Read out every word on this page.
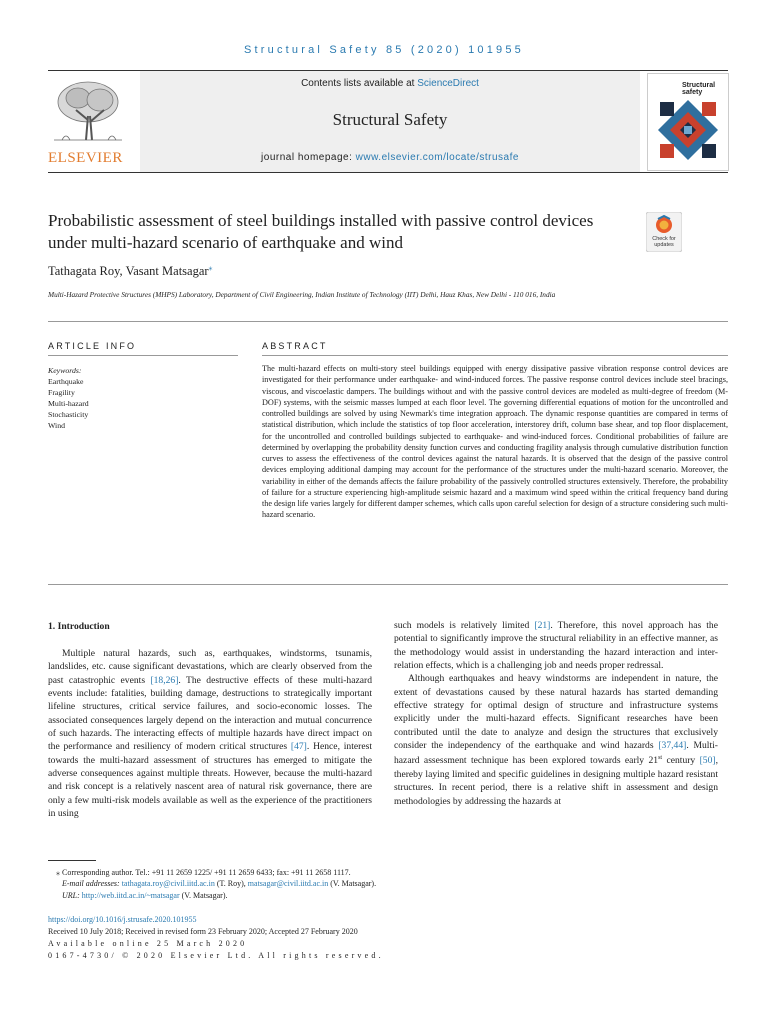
Structural Safety 85 (2020) 101955
Contents lists available at ScienceDirect
Structural Safety
journal homepage: www.elsevier.com/locate/strusafe
ELSEVIER
Structural safety
Probabilistic assessment of steel buildings installed with passive control devices under multi-hazard scenario of earthquake and wind	Check for updates
Tathagata Roy, Vasant Matsagar⁎
Multi-Hazard Protective Structures (MHPS) Laboratory, Department of Civil Engineering, Indian Institute of Technology (IIT) Delhi, Hauz Khas, New Delhi - 110 016, India
ARTICLE INFO	ABSTRACT
Keywords:
Earthquake
Fragility
Multi-hazard
Stochasticity
Wind
The multi-hazard effects on multi-story steel buildings equipped with energy dissipative passive vibration response control devices are investigated for their performance under earthquake- and wind-induced forces. The passive response control devices include steel bracings, viscous, and viscoelastic dampers. The buildings without and with the passive control devices are modeled as multi-degree of freedom (M-DOF) systems, with the seismic masses lumped at each floor level. The governing differential equations of motion for the uncontrolled and controlled buildings are solved by using Newmark's time integration approach. The dynamic response quantities are compared in terms of statistical distribution, which include the statistics of top floor acceleration, interstorey drift, column base shear, and top floor displacement, for the uncontrolled and controlled buildings subjected to earthquake- and wind-induced forces. Conditional probabilities of failure are determined by overlapping the probability density function curves and conducting fragility analysis through cumulative distribution function curves to assess the effectiveness of the control devices against the natural hazards. It is observed that the design of the passive control devices employing additional damping may account for the performance of the structures under the multi-hazard scenario. Moreover, the variability in either of the demands affects the failure probability of the passively controlled structures extensively. Therefore, the probability of failure for a structure experiencing high-amplitude seismic hazard and a maximum wind speed within the critical frequency band during the design life varies largely for different damper schemes, which calls upon careful selection for design of a structure considering such multi-hazard scenario.
1. Introduction

Multiple natural hazards, such as, earthquakes, windstorms, tsunamis, landslides, etc. cause significant devastations, which are clearly observed from the past catastrophic events [18,26]. The destructive effects of these multi-hazard events include: fatalities, building damage, destructions to strategically important lifeline structures, critical service failures, and socio-economic losses. The associated consequences largely depend on the interaction and mutual concurrence of such hazards. The interacting effects of multiple hazards have direct impact on the performance and resiliency of modern critical structures [47]. Hence, interest towards the multi-hazard assessment of structures has emerged to mitigate the adverse consequences against multiple threats. However, because the multi-hazard and risk concept is a relatively nascent area of natural risk governance, there are only a few multi-risk models available as well as the experience of the practitioners in using

such models is relatively limited [21]. Therefore, this novel approach has the potential to significantly improve the structural reliability in an effective manner, as the methodology would assist in understanding the hazard interaction and inter-relation effects, which is a challenging job and needs proper redressal.

Although earthquakes and heavy windstorms are independent in nature, the extent of devastations caused by these natural hazards has started demanding effective strategy for optimal design of structure and infrastructure systems explicitly under the multi-hazard effects. Significant researches have been contributed until the date to analyze and design the structures that exclusively consider the independency of the earthquake and wind hazards [37,44]. Multi-hazard assessment technique has been explored towards early 21st century [50], thereby laying limited and specific guidelines in designing multiple hazard resistant structures. In recent period, there is a relative shift in assessment and design methodologies by addressing the hazards at

⁎ Corresponding author. Tel.: +91 11 2659 1225/ +91 11 2659 6433; fax: +91 11 2658 1117.
E-mail addresses: tathagata.roy@civil.iitd.ac.in (T. Roy), matsagar@civil.iitd.ac.in (V. Matsagar).
URL: http://web.iitd.ac.in/~matsagar (V. Matsagar).
https://doi.org/10.1016/j.strusafe.2020.101955
Received 10 July 2018; Received in revised form 23 February 2020; Accepted 27 February 2020
Available online 25 March 2020
0167-4730/ © 2020 Elsevier Ltd. All rights reserved.
